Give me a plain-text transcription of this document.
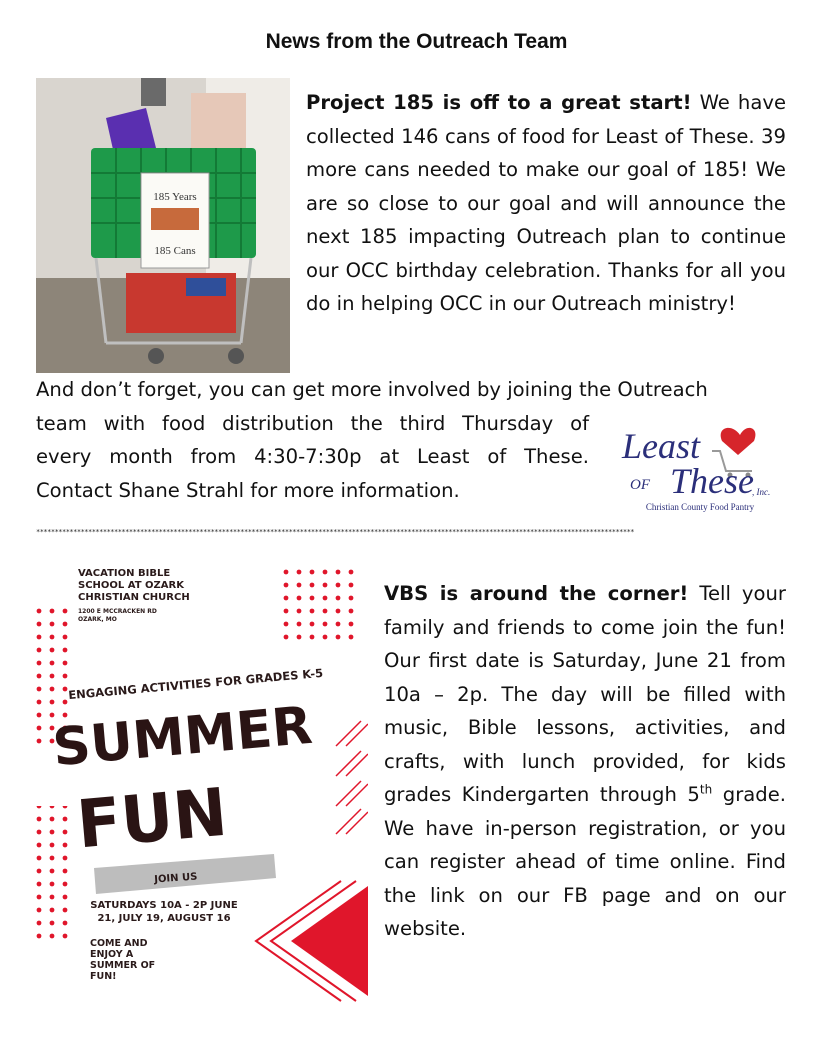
News from the Outreach Team
185 Years
185 Cans

Project 185 is off to a great start! We have collected 146 cans of food for Least of These. 39 more cans needed to make our goal of 185! We are so close to our goal and will announce the next 185 impacting Outreach plan to continue our OCC birthday celebration. Thanks for all you do in helping OCC in our Outreach ministry!

And don’t forget, you can get more involved by joining the Outreach
team with food distribution the third Thursday of
every month from 4:30-7:30p at Least of These.
Contact Shane Strahl for more information.

Least
OF These
, Inc.
Christian County Food Pantry
*****************************************************************************************************************************************************************
VACATION BIBLE
SCHOOL AT OZARK
CHRISTIAN CHURCH
1200 E MCCRACKEN RD
OZARK, MO
ENGAGING ACTIVITIES FOR GRADES K-5
SUMMER
FUN
JOIN US
SATURDAYS 10A - 2P JUNE
21, JULY 19, AUGUST 16
COME AND
ENJOY A
SUMMER OF
FUN!

VBS is around the corner! Tell your family and friends to come join the fun! Our first date is Saturday, June 21 from 10a – 2p. The day will be filled with music, Bible lessons, activities, and crafts, with lunch provided, for kids grades Kindergarten through 5th grade. We have in-person registration, or you can register ahead of time online. Find the link on our FB page and on our website.
